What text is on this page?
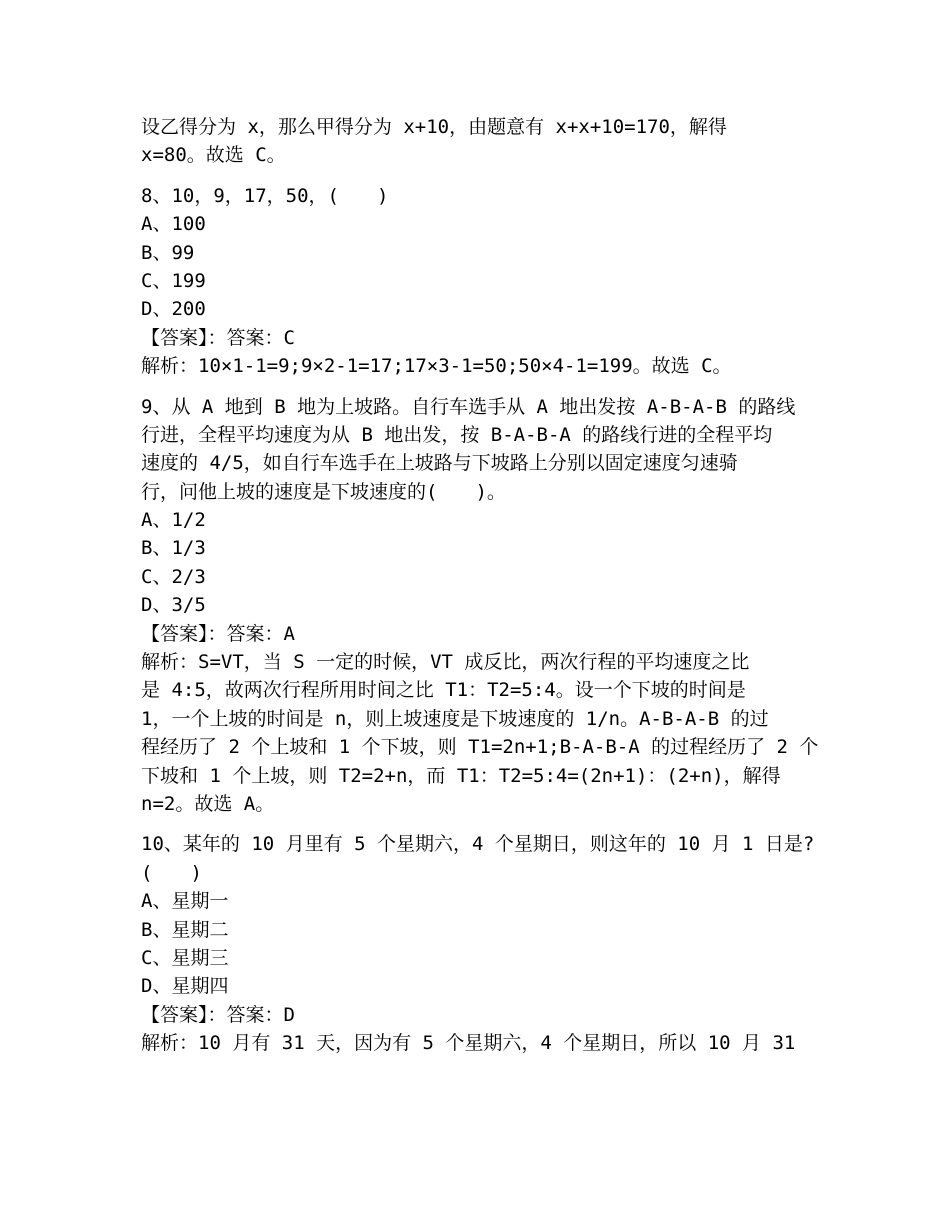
设乙得分为 x，那么甲得分为 x+10，由题意有 x+x+10=170，解得
x=80。故选 C。
8、10，9，17，50，(　　)
A、100
B、99
C、199
D、200
【答案】：答案：C
解析：10×1-1=9;9×2-1=17;17×3-1=50;50×4-1=199。故选 C。
9、从 A 地到 B 地为上坡路。自行车选手从 A 地出发按 A-B-A-B 的路线
行进，全程平均速度为从 B 地出发，按 B-A-B-A 的路线行进的全程平均
速度的 4/5，如自行车选手在上坡路与下坡路上分别以固定速度匀速骑
行，问他上坡的速度是下坡速度的(　　)。
A、1/2
B、1/3
C、2/3
D、3/5
【答案】：答案：A
解析：S=VT，当 S 一定的时候，VT 成反比，两次行程的平均速度之比
是 4:5，故两次行程所用时间之比 T1：T2=5:4。设一个下坡的时间是
1，一个上坡的时间是 n，则上坡速度是下坡速度的 1/n。A-B-A-B 的过
程经历了 2 个上坡和 1 个下坡，则 T1=2n+1;B-A-B-A 的过程经历了 2 个
下坡和 1 个上坡，则 T2=2+n，而 T1：T2=5:4=(2n+1)：(2+n)，解得
n=2。故选 A。
10、某年的 10 月里有 5 个星期六，4 个星期日，则这年的 10 月 1 日是?
(　　)
A、星期一
B、星期二
C、星期三
D、星期四
【答案】：答案：D
解析：10 月有 31 天，因为有 5 个星期六，4 个星期日，所以 10 月 31
